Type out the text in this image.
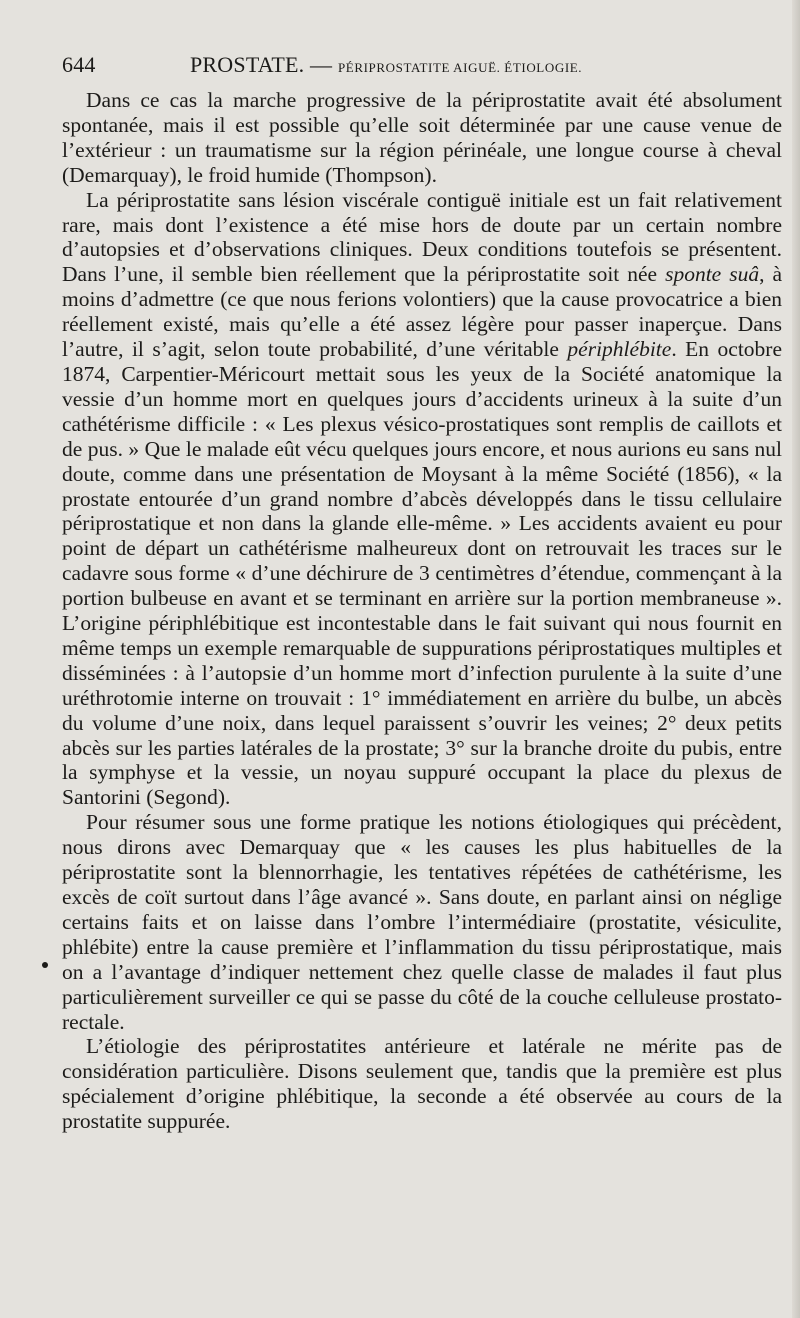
644	PROSTATE. — PÉRIPROSTATITE AIGUË. ÉTIOLOGIE.

Dans ce cas la marche progressive de la périprostatite avait été absolument spontanée, mais il est possible qu’elle soit déterminée par une cause venue de l’extérieur : un traumatisme sur la région périnéale, une longue course à cheval (Demarquay), le froid humide (Thompson).

La périprostatite sans lésion viscérale contiguë initiale est un fait relativement rare, mais dont l’existence a été mise hors de doute par un certain nombre d’autopsies et d’observations cliniques. Deux conditions toutefois se présentent. Dans l’une, il semble bien réellement que la périprostatite soit née sponte suâ, à moins d’admettre (ce que nous ferions volontiers) que la cause provocatrice a bien réellement existé, mais qu’elle a été assez légère pour passer inaperçue. Dans l’autre, il s’agit, selon toute probabilité, d’une véritable périphlébite. En octobre 1874, Carpentier-Méricourt mettait sous les yeux de la Société anatomique la vessie d’un homme mort en quelques jours d’accidents urineux à la suite d’un cathétérisme difficile : « Les plexus vésico-prostatiques sont remplis de caillots et de pus. » Que le malade eût vécu quelques jours encore, et nous aurions eu sans nul doute, comme dans une présentation de Moysant à la même Société (1856), « la prostate entourée d’un grand nombre d’abcès développés dans le tissu cellulaire périprostatique et non dans la glande elle-même. » Les accidents avaient eu pour point de départ un cathétérisme malheureux dont on retrouvait les traces sur le cadavre sous forme « d’une déchirure de 3 centimètres d’étendue, commençant à la portion bulbeuse en avant et se terminant en arrière sur la portion membraneuse ». L’origine périphlébitique est incontestable dans le fait suivant qui nous fournit en même temps un exemple remarquable de suppurations périprostatiques multiples et disséminées : à l’autopsie d’un homme mort d’infection purulente à la suite d’une uréthrotomie interne on trouvait : 1° immédiatement en arrière du bulbe, un abcès du volume d’une noix, dans lequel paraissent s’ouvrir les veines; 2° deux petits abcès sur les parties latérales de la prostate; 3° sur la branche droite du pubis, entre la symphyse et la vessie, un noyau suppuré occupant la place du plexus de Santorini (Segond).

Pour résumer sous une forme pratique les notions étiologiques qui précèdent, nous dirons avec Demarquay que « les causes les plus habituelles de la périprostatite sont la blennorrhagie, les tentatives répétées de cathétérisme, les excès de coït surtout dans l’âge avancé ». Sans doute, en parlant ainsi on néglige certains faits et on laisse dans l’ombre l’intermédiaire (prostatite, vésiculite, phlébite) entre la cause première et l’inflammation du tissu périprostatique, mais on a l’avantage d’indiquer nettement chez quelle classe de malades il faut plus particulièrement surveiller ce qui se passe du côté de la couche celluleuse prostato-rectale.

L’étiologie des périprostatites antérieure et latérale ne mérite pas de considération particulière. Disons seulement que, tandis que la première est plus spécialement d’origine phlébitique, la seconde a été observée au cours de la prostatite suppurée.
